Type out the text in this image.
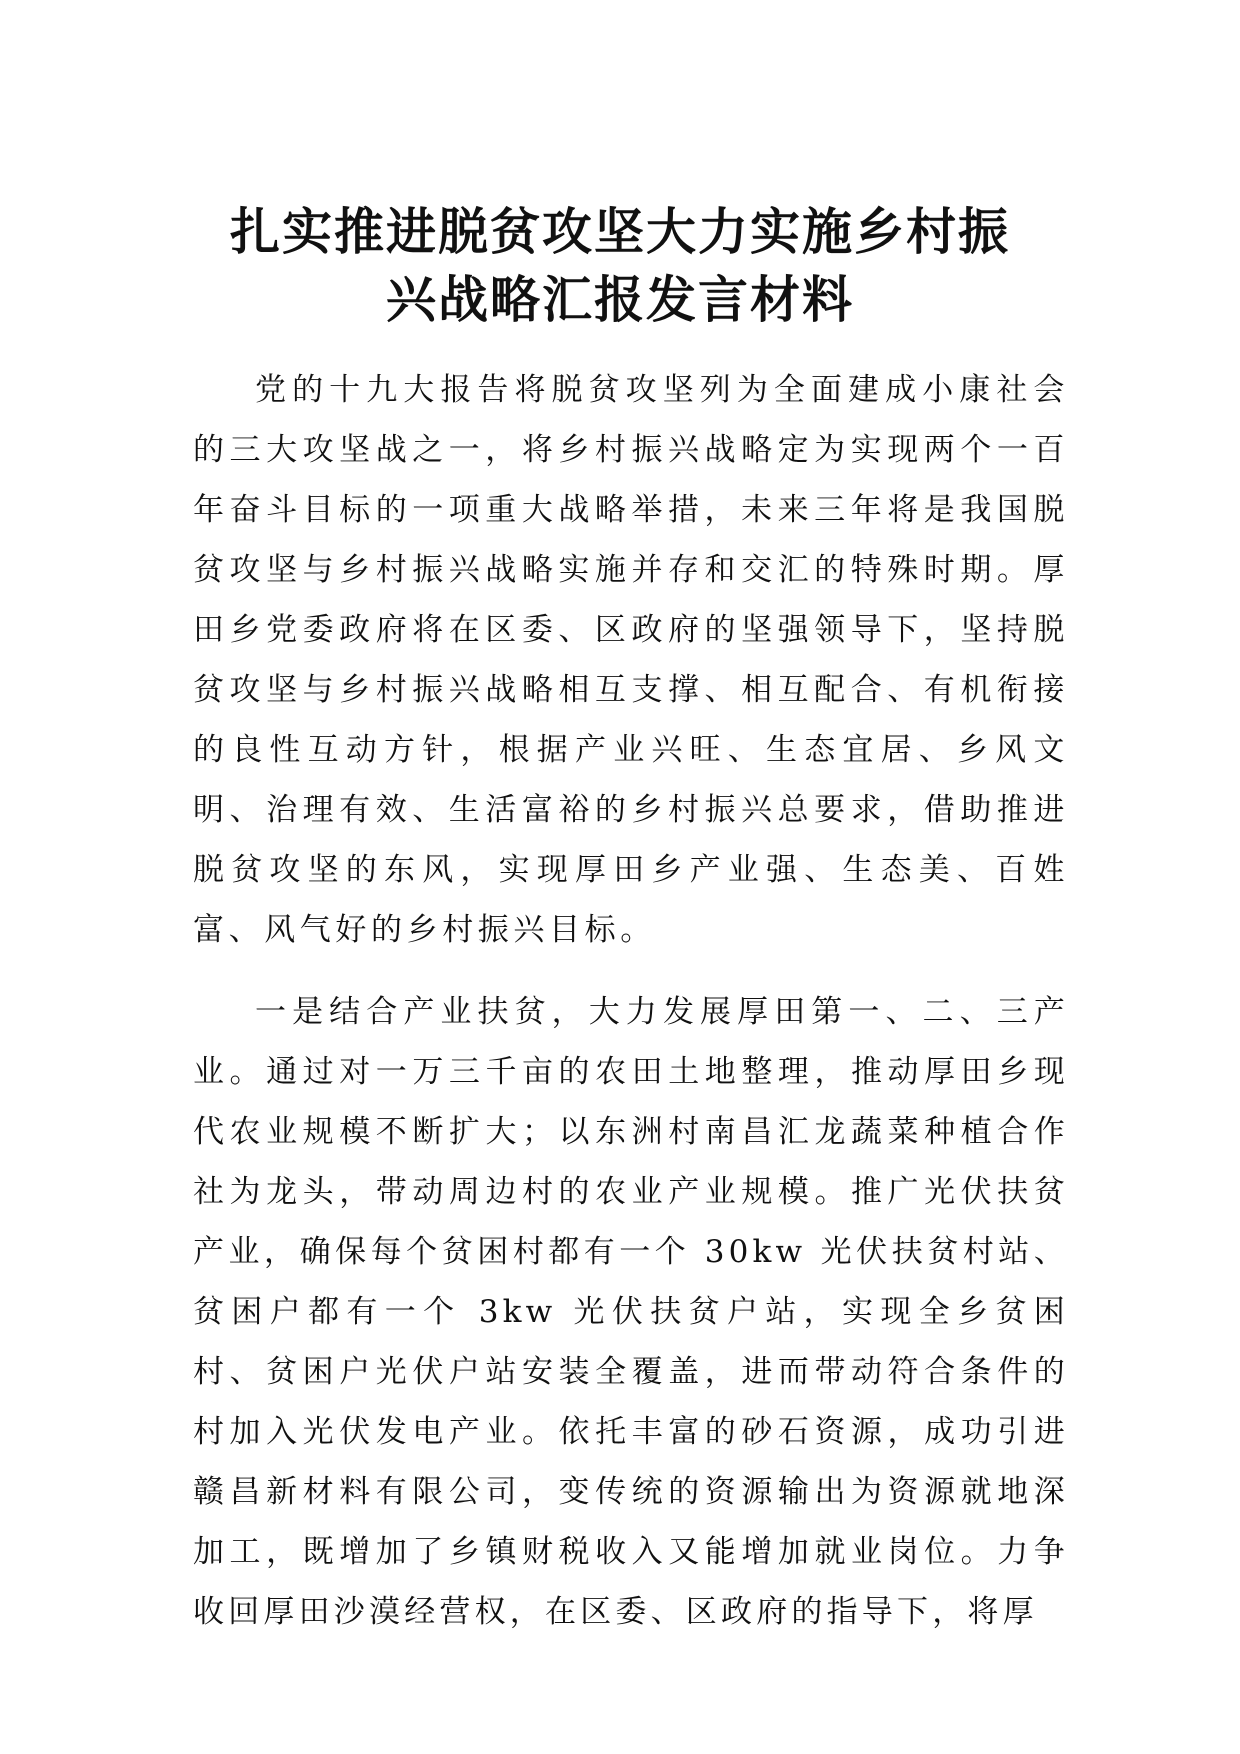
扎实推进脱贫攻坚大力实施乡村振
兴战略汇报发言材料

党的十九大报告将脱贫攻坚列为全面建成小康社会的三大攻坚战之一，将乡村振兴战略定为实现两个一百年奋斗目标的一项重大战略举措，未来三年将是我国脱贫攻坚与乡村振兴战略实施并存和交汇的特殊时期。厚田乡党委政府将在区委、区政府的坚强领导下，坚持脱贫攻坚与乡村振兴战略相互支撑、相互配合、有机衔接的良性互动方针，根据产业兴旺、生态宜居、乡风文明、治理有效、生活富裕的乡村振兴总要求，借助推进脱贫攻坚的东风，实现厚田乡产业强、生态美、百姓富、风气好的乡村振兴目标。

一是结合产业扶贫，大力发展厚田第一、二、三产业。通过对一万三千亩的农田土地整理，推动厚田乡现代农业规模不断扩大；以东洲村南昌汇龙蔬菜种植合作社为龙头，带动周边村的农业产业规模。推广光伏扶贫产业，确保每个贫困村都有一个 30kw 光伏扶贫村站、贫困户都有一个 3kw 光伏扶贫户站，实现全乡贫困村、贫困户光伏户站安装全覆盖，进而带动符合条件的村加入光伏发电产业。依托丰富的砂石资源，成功引进赣昌新材料有限公司，变传统的资源输出为资源就地深加工，既增加了乡镇财税收入又能增加就业岗位。力争收回厚田沙漠经营权，在区委、区政府的指导下，将厚
